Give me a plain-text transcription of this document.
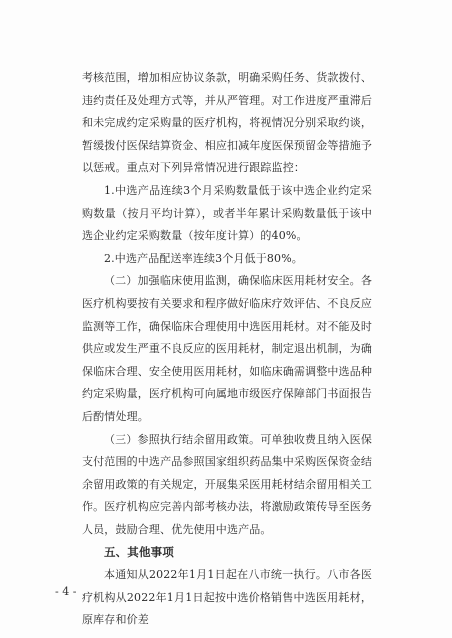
考核范围，增加相应协议条款，明确采购任务、货款拨付、违约责任及处理方式等，并从严管理。对工作进度严重滞后和未完成约定采购量的医疗机构，将视情况分别采取约谈，暂缓拨付医保结算资金、相应扣减年度医保预留金等措施予以惩戒。重点对下列异常情况进行跟踪监控：

1.中选产品连续3个月采购数量低于该中选企业约定采购数量（按月平均计算），或者半年累计采购数量低于该中选企业约定采购数量（按年度计算）的40%。

2.中选产品配送率连续3个月低于80%。

（二）加强临床使用监测，确保临床医用耗材安全。各医疗机构要按有关要求和程序做好临床疗效评估、不良反应监测等工作，确保临床合理使用中选医用耗材。对不能及时供应或发生严重不良反应的医用耗材，制定退出机制，为确保临床合理、安全使用医用耗材，如临床确需调整中选品种约定采购量，医疗机构可向属地市级医疗保障部门书面报告后酌情处理。

（三）参照执行结余留用政策。可单独收费且纳入医保支付范围的中选产品参照国家组织药品集中采购医保资金结余留用政策的有关规定，开展集采医用耗材结余留用相关工作。医疗机构应完善内部考核办法，将激励政策传导至医务人员，鼓励合理、优先使用中选产品。

五、其他事项

本通知从2022年1月1日起在八市统一执行。八市各医疗机构从2022年1月1日起按中选价格销售中选医用耗材，原库存和价差

- 4 -
